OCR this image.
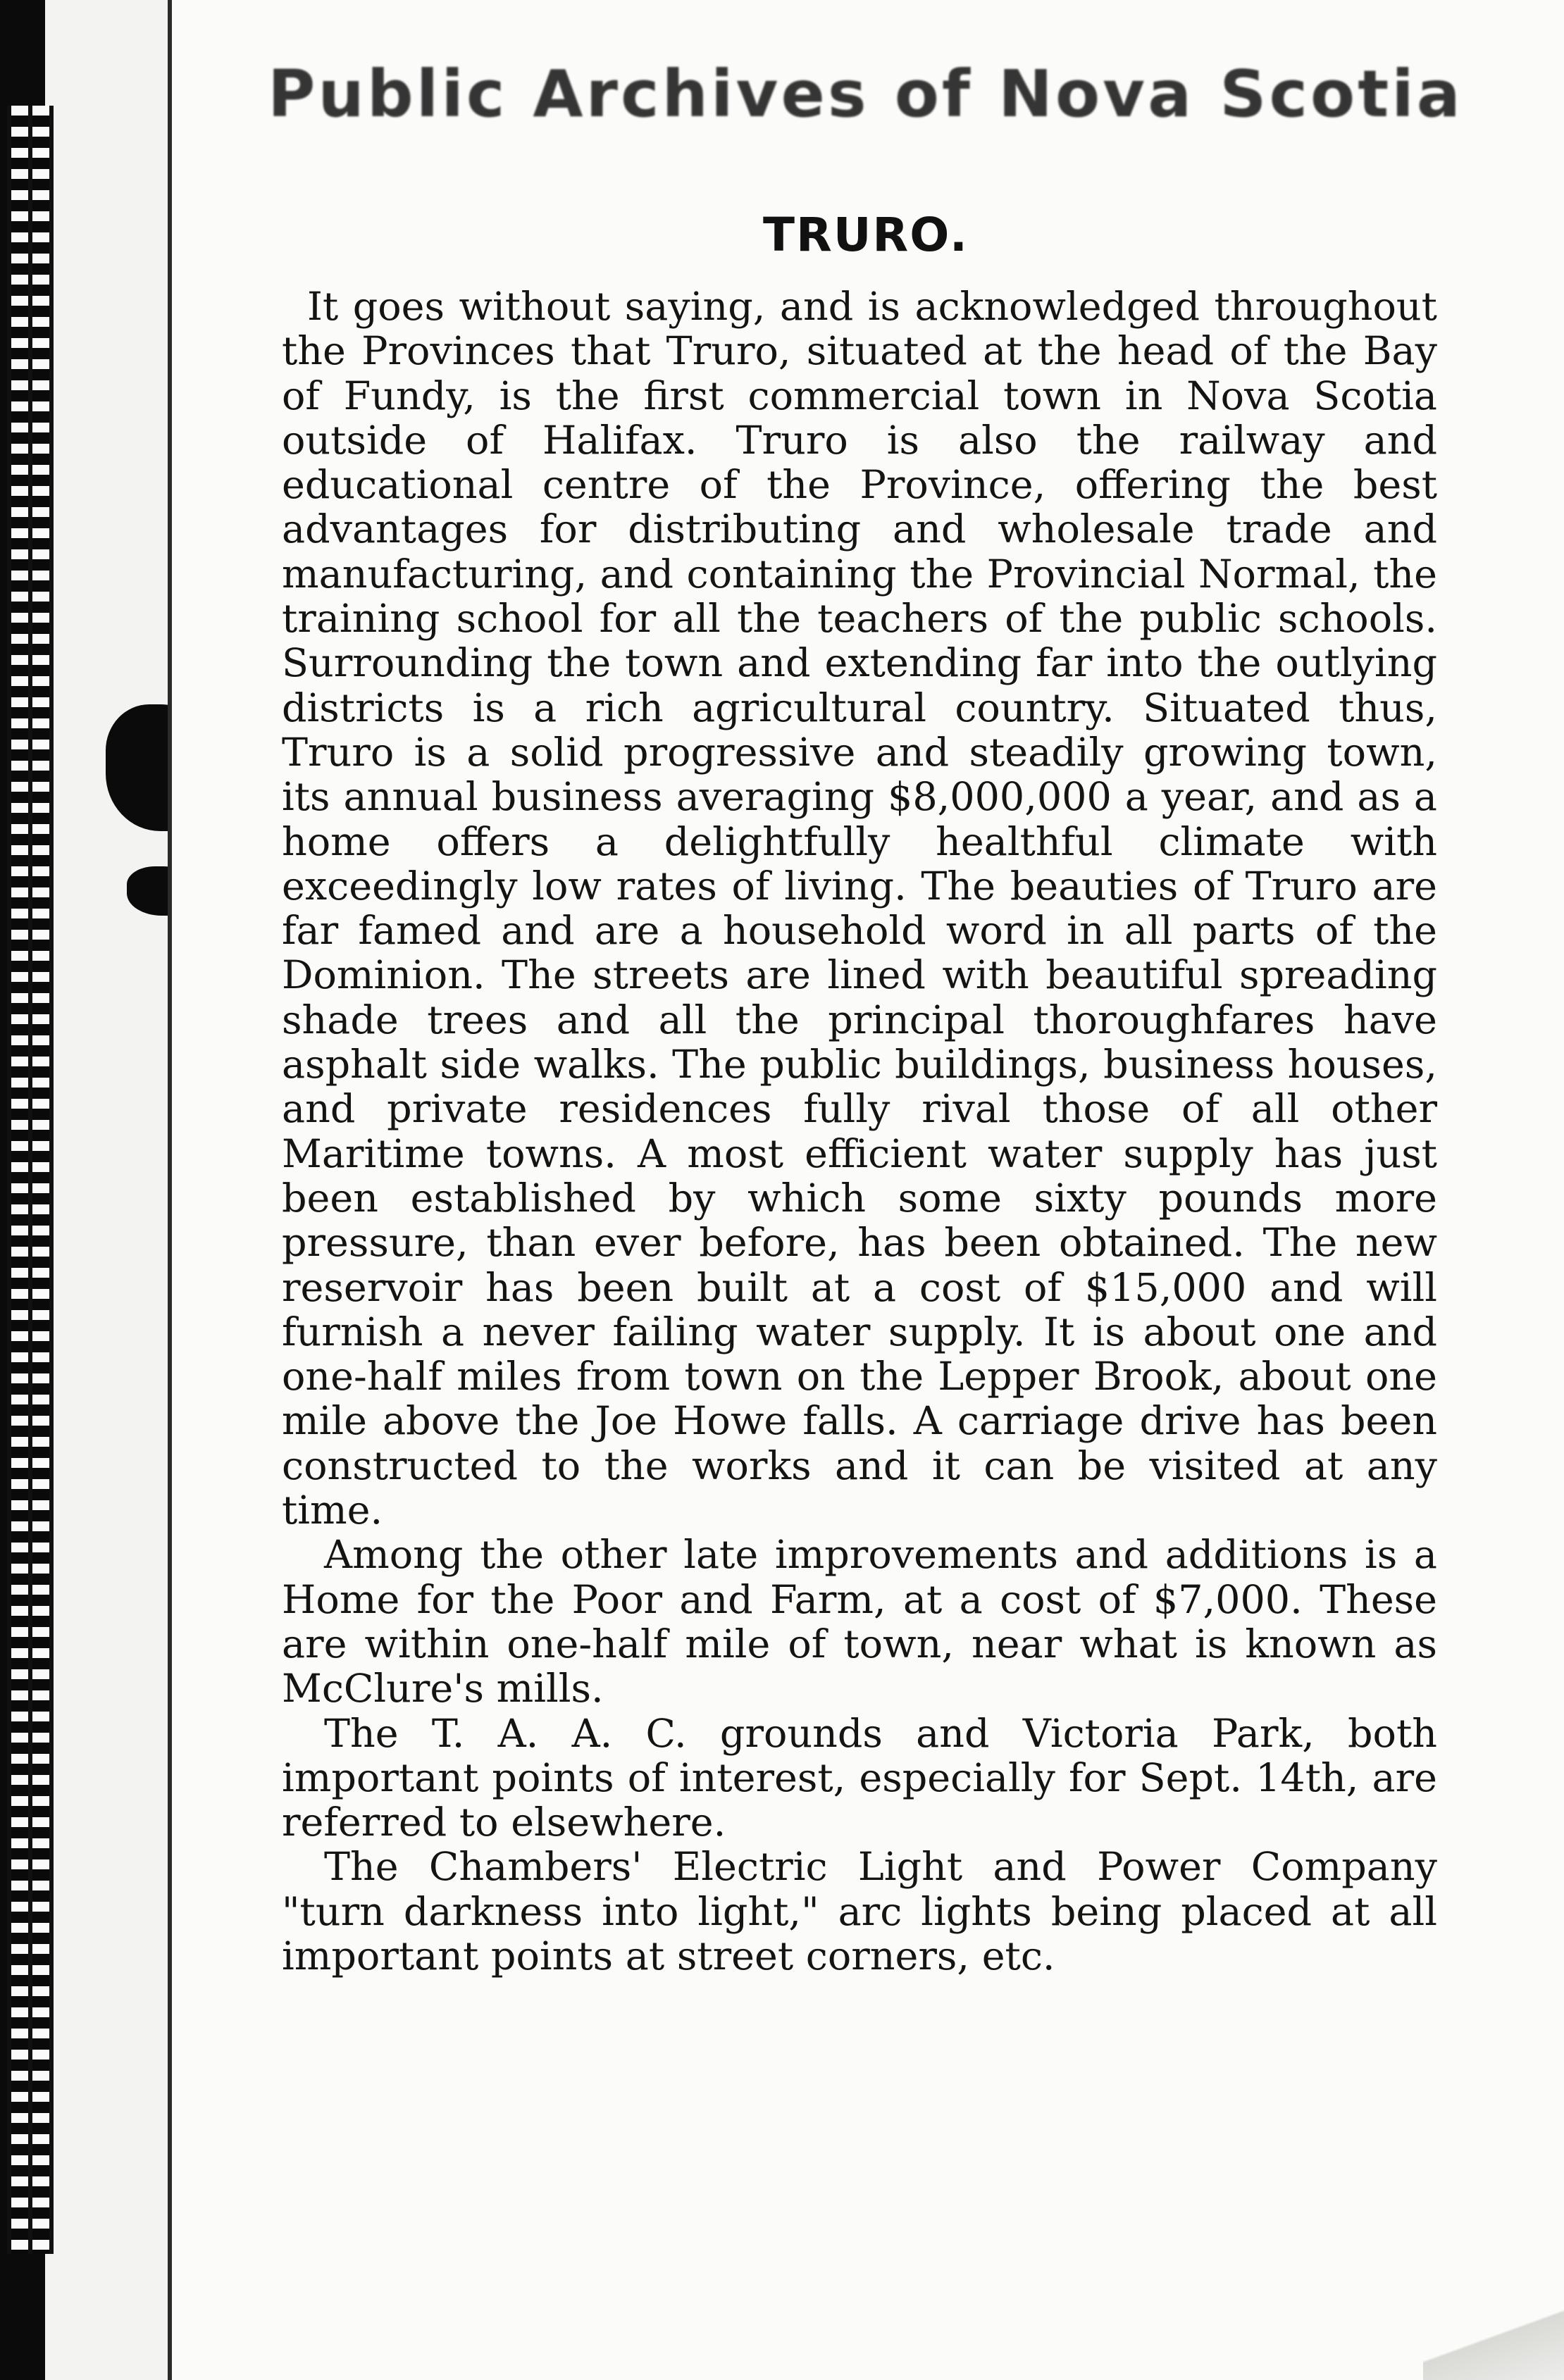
Public Archives of Nova Scotia
TRURO.

It goes without saying, and is acknowledged throughout the Provinces that Truro, situated at the head of the Bay of Fundy, is the first commercial town in Nova Scotia outside of Halifax. Truro is also the railway and educational centre of the Province, offering the best advantages for distributing and wholesale trade and manufacturing, and containing the Provincial Normal, the training school for all the teachers of the public schools. Surrounding the town and extending far into the outlying districts is a rich agricultural country. Situated thus, Truro is a solid progressive and steadily growing town, its annual business averaging $8,000,000 a year, and as a home offers a delightfully healthful climate with exceedingly low rates of living. The beauties of Truro are far famed and are a household word in all parts of the Dominion. The streets are lined with beautiful spreading shade trees and all the principal thoroughfares have asphalt side walks. The public buildings, business houses, and private residences fully rival those of all other Maritime towns. A most efficient water supply has just been established by which some sixty pounds more pressure, than ever before, has been obtained. The new reservoir has been built at a cost of $15,000 and will furnish a never failing water supply. It is about one and one-half miles from town on the Lepper Brook, about one mile above the Joe Howe falls. A carriage drive has been constructed to the works and it can be visited at any time.

Among the other late improvements and additions is a Home for the Poor and Farm, at a cost of $7,000. These are within one-half mile of town, near what is known as McClure's mills.

The T. A. A. C. grounds and Victoria Park, both important points of interest, especially for Sept. 14th, are referred to elsewhere.

The Chambers' Electric Light and Power Company "turn darkness into light," arc lights being placed at all important points at street corners, etc.
